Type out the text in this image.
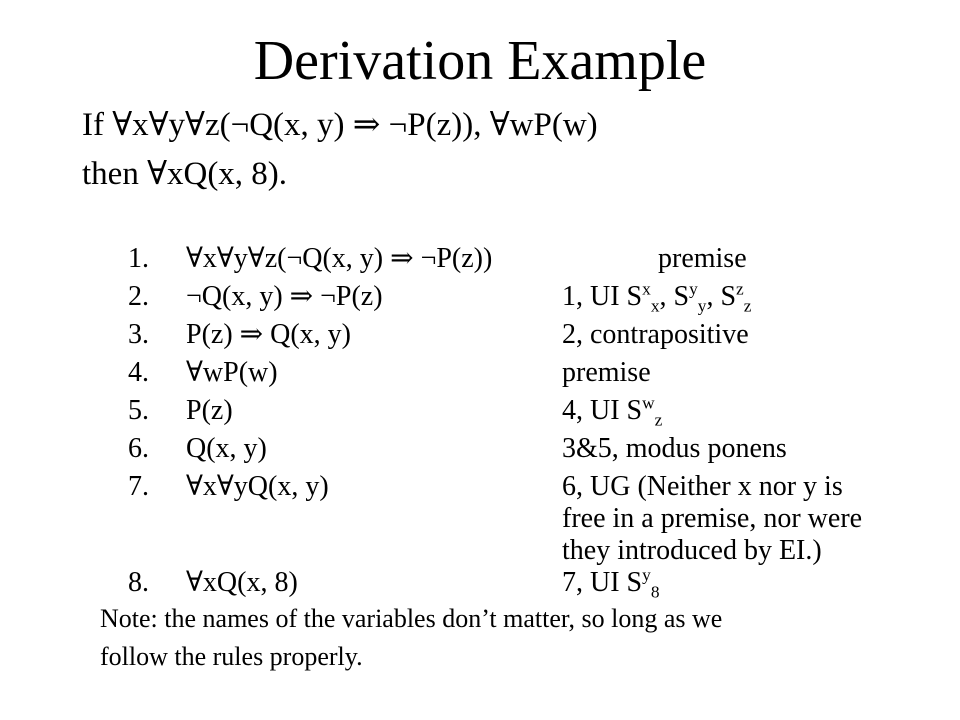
Derivation Example
If ∀x∀y∀z(¬Q(x, y) ⇒ ¬P(z)), ∀wP(w)
then ∀xQ(x, 8).
1. ∀x∀y∀z(¬Q(x, y) ⇒ ¬P(z))	premise
2. ¬Q(x, y) ⇒ ¬P(z)	1, UI $S^x_x$, $S^y_y$, $S^z_z$
3. P(z) ⇒ Q(x, y)	2, contrapositive
4. ∀wP(w)	premise
5. P(z)	4, UI $S^w_z$
6. Q(x, y)	3&5, modus ponens
7. ∀x∀yQ(x, y)	6, UG (Neither x nor y is
free in a premise, nor were
they introduced by EI.)
8. ∀xQ(x, 8)	7, UI $S^y_8$
Note: the names of the variables don’t matter, so long as we
follow the rules properly.
